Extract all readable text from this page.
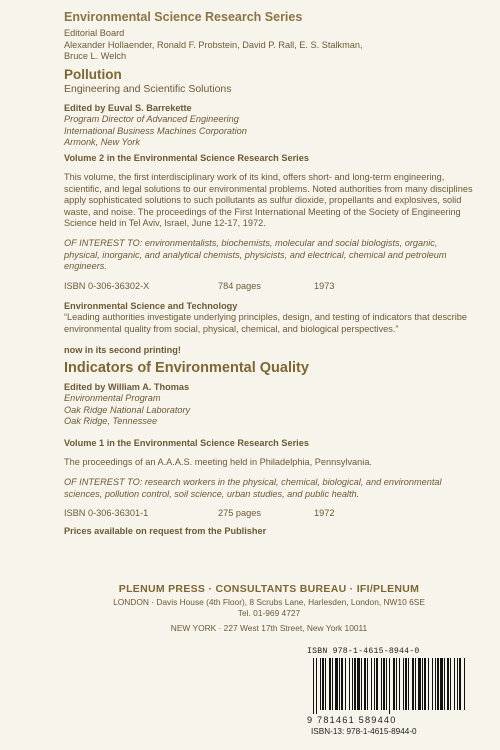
Environmental Science Research Series
Editorial Board
Alexander Hollaender, Ronald F. Probstein, David P. Rall, E. S. Stalkman,
Bruce L. Welch
Pollution
Engineering and Scientific Solutions
Edited by Euval S. Barrekette
Program Director of Advanced Engineering
International Business Machines Corporation
Armonk, New York
Volume 2 in the Environmental Science Research Series
This volume, the first interdisciplinary work of its kind, offers short- and long-term engineering, scientific, and legal solutions to our environmental problems. Noted authorities from many disciplines apply sophisticated solutions to such pollutants as sulfur dioxide, propellants and explosives, solid waste, and noise. The proceedings of the First International Meeting of the Society of Engineering Science held in Tel Aviv, Israel, June 12-17, 1972.
OF INTEREST TO: environmentalists, biochemists, molecular and social biologists, organic, physical, inorganic, and analytical chemists, physicists, and electrical, chemical and petroleum engineers.
ISBN 0-306-36302-X	784 pages	1973
Environmental Science and Technology
“Leading authorities investigate underlying principles, design, and testing of indicators that describe environmental quality from social, physical, chemical, and biological perspectives.”
now in its second printing!
Indicators of Environmental Quality
Edited by William A. Thomas
Environmental Program
Oak Ridge National Laboratory
Oak Ridge, Tennessee
Volume 1 in the Environmental Science Research Series
The proceedings of an A.A.A.S. meeting held in Philadelphia, Pennsylvania.
OF INTEREST TO: research workers in the physical, chemical, biological, and environmental sciences, pollution control, soil science, urban studies, and public health.
ISBN 0-306-36301-1	275 pages	1972
Prices available on request from the Publisher
PLENUM PRESS · CONSULTANTS BUREAU · IFI/PLENUM
LONDON · Davis House (4th Floor), 8 Scrubs Lane, Harlesden, London, NW10 6SE
Tel. 01-969 4727
NEW YORK · 227 West 17th Street, New York 10011
ISBN 978-1-4615-8944-0
9 781461 589440
ISBN-13: 978-1-4615-8944-0
